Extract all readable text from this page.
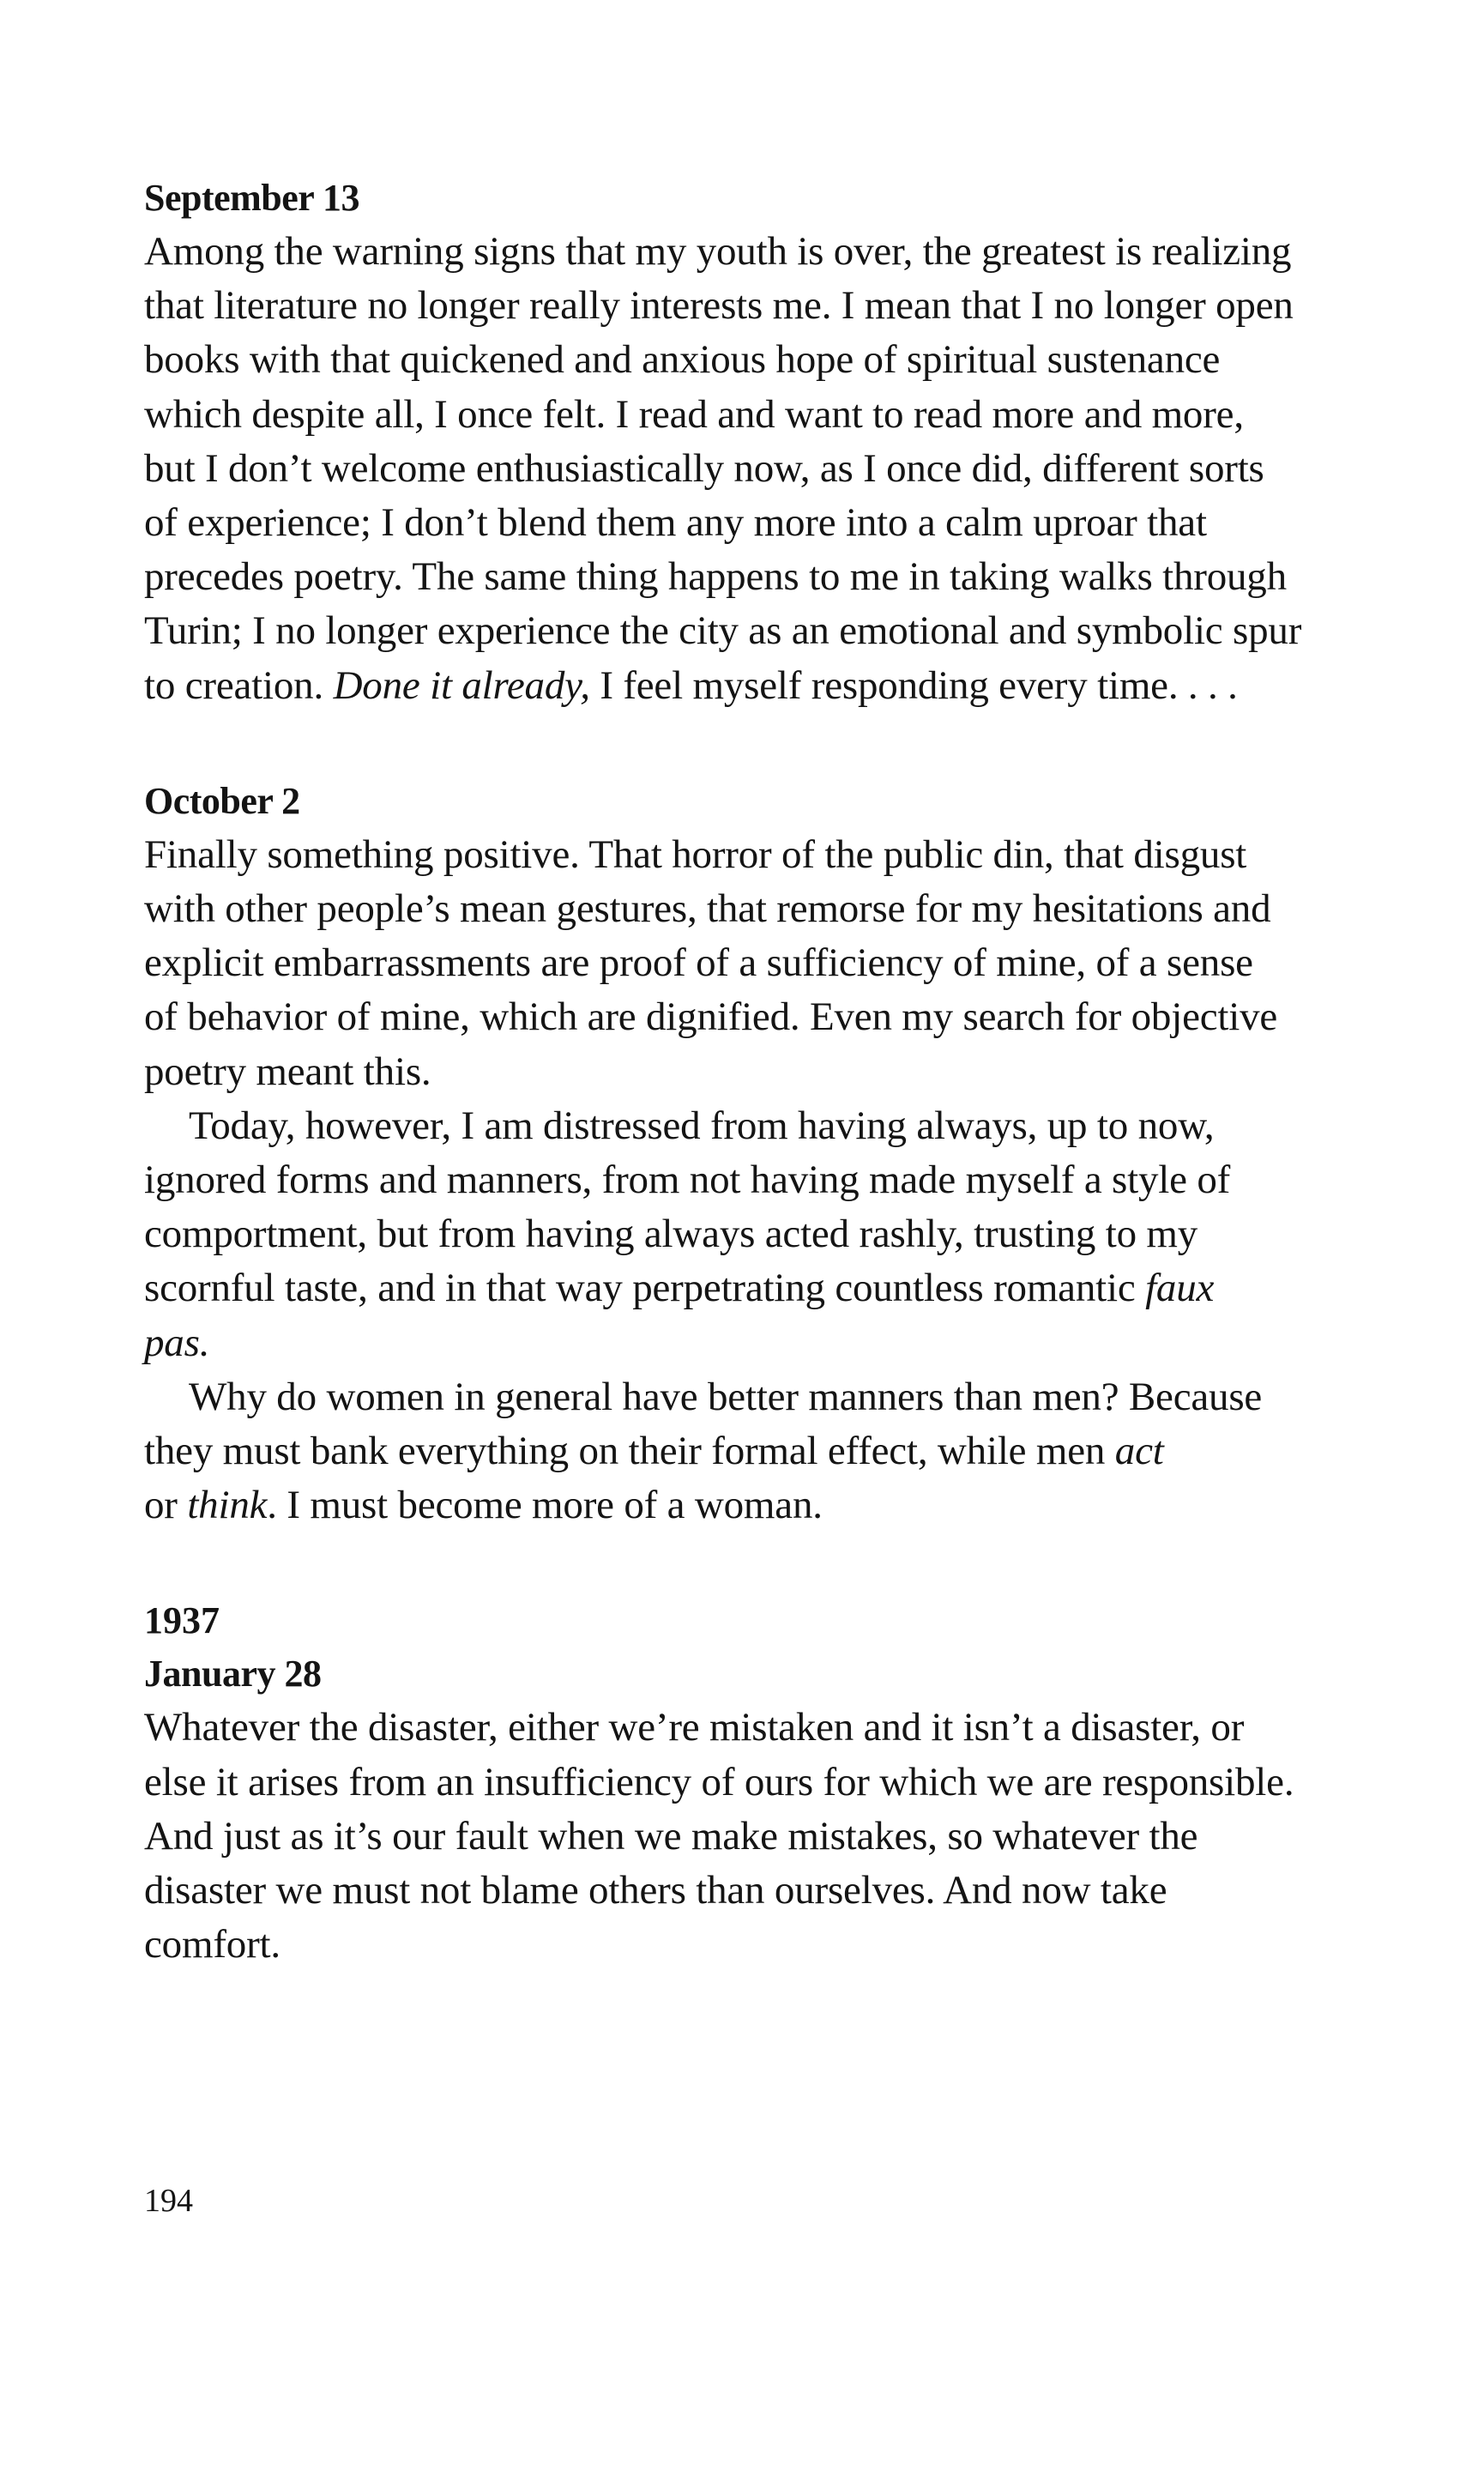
September 13

Among the warning signs that my youth is over, the greatest is realizing
that literature no longer really interests me. I mean that I no longer open
books with that quickened and anxious hope of spiritual sustenance
which despite all, I once felt. I read and want to read more and more,
but I don’t welcome enthusiastically now, as I once did, different sorts
of experience; I don’t blend them any more into a calm uproar that
precedes poetry. The same thing happens to me in taking walks through
Turin; I no longer experience the city as an emotional and symbolic spur
to creation. Done it already, I feel myself responding every time. . . .

October 2

Finally something positive. That horror of the public din, that disgust
with other people’s mean gestures, that remorse for my hesitations and
explicit embarrassments are proof of a sufficiency of mine, of a sense
of behavior of mine, which are dignified. Even my search for objective
poetry meant this.

Today, however, I am distressed from having always, up to now,
ignored forms and manners, from not having made myself a style of
comportment, but from having always acted rashly, trusting to my
scornful taste, and in that way perpetrating countless romantic faux
pas.

Why do women in general have better manners than men? Because
they must bank everything on their formal effect, while men act
or think. I must become more of a woman.

1937

January 28

Whatever the disaster, either we’re mistaken and it isn’t a disaster, or
else it arises from an insufficiency of ours for which we are responsible.
And just as it’s our fault when we make mistakes, so whatever the
disaster we must not blame others than ourselves. And now take
comfort.

194
